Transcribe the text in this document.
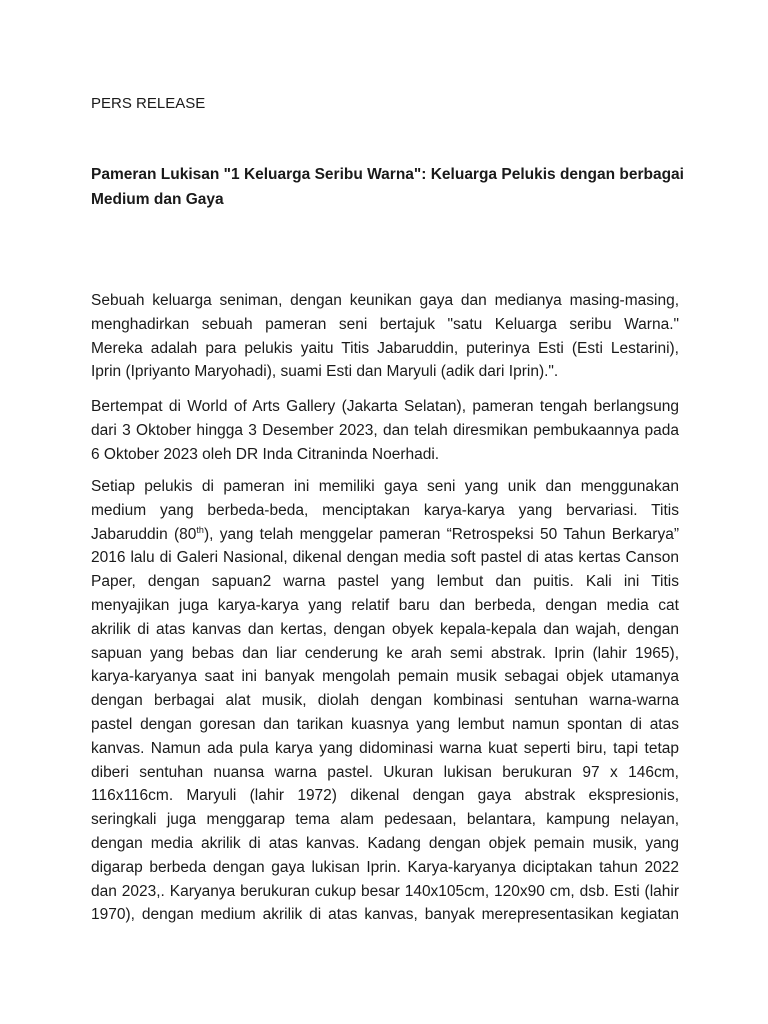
PERS RELEASE
Pameran Lukisan "1 Keluarga Seribu Warna": Keluarga Pelukis dengan berbagai
Medium dan Gaya
Sebuah keluarga seniman, dengan keunikan gaya dan medianya masing-masing,
menghadirkan sebuah pameran seni bertajuk "satu Keluarga seribu Warna."
Mereka adalah para pelukis yaitu Titis Jabaruddin, puterinya Esti (Esti Lestarini),
Iprin (Ipriyanto Maryohadi), suami Esti dan Maryuli (adik dari Iprin).".
Bertempat di World of Arts Gallery (Jakarta Selatan), pameran tengah berlangsung
dari 3 Oktober hingga 3 Desember 2023, dan telah diresmikan pembukaannya pada
6 Oktober 2023 oleh DR Inda Citraninda Noerhadi.
Setiap pelukis di pameran ini memiliki gaya seni yang unik dan menggunakan
medium yang berbeda-beda, menciptakan karya-karya yang bervariasi. Titis
Jabaruddin (80th), yang telah menggelar pameran “Retrospeksi 50 Tahun Berkarya”
2016 lalu di Galeri Nasional, dikenal dengan media soft pastel di atas kertas Canson
Paper, dengan sapuan2 warna pastel yang lembut dan puitis. Kali ini Titis
menyajikan juga karya-karya yang relatif baru dan berbeda, dengan media cat
akrilik di atas kanvas dan kertas, dengan obyek kepala-kepala dan wajah, dengan
sapuan yang bebas dan liar cenderung ke arah semi abstrak. Iprin (lahir 1965),
karya-karyanya saat ini banyak mengolah pemain musik sebagai objek utamanya
dengan berbagai alat musik, diolah dengan kombinasi sentuhan warna-warna
pastel dengan goresan dan tarikan kuasnya yang lembut namun spontan di atas
kanvas. Namun ada pula karya yang didominasi warna kuat seperti biru, tapi tetap
diberi sentuhan nuansa warna pastel. Ukuran lukisan berukuran 97 x 146cm,
116x116cm. Maryuli (lahir 1972) dikenal dengan gaya abstrak ekspresionis,
seringkali juga menggarap tema alam pedesaan, belantara, kampung nelayan,
dengan media akrilik di atas kanvas. Kadang dengan objek pemain musik, yang
digarap berbeda dengan gaya lukisan Iprin. Karya-karyanya diciptakan tahun 2022
dan 2023,. Karyanya berukuran cukup besar 140x105cm, 120x90 cm, dsb. Esti (lahir
1970), dengan medium akrilik di atas kanvas, banyak merepresentasikan kegiatan
